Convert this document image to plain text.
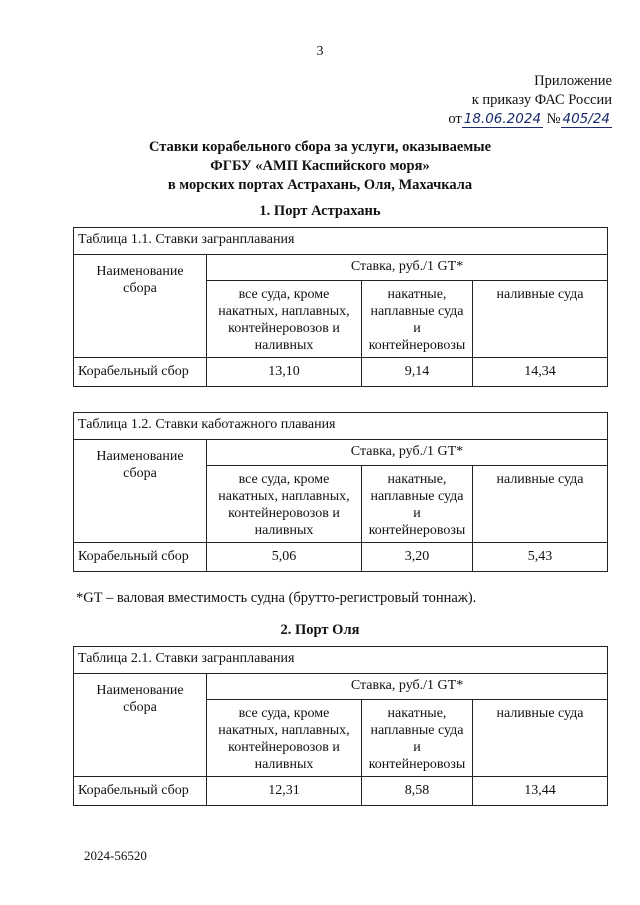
3
Приложение
к приказу ФАС России
от 18.06.2024 № 405/24
Ставки корабельного сбора за услуги, оказываемые
ФГБУ «АМП Каспийского моря»
в морских портах Астрахань, Оля, Махачкала
1. Порт Астрахань
Таблица 1.1. Ставки загранплавания			
Наименование сбора	Ставка, руб./1 GT*		
	все суда, кроме накатных, наплавных, контейнеровозов и наливных	накатные, наплавные суда и контейнеровозы	наливные суда
Корабельный сбор	13,10	9,14	14,34
Таблица 1.2. Ставки каботажного плавания			
Наименование сбора	Ставка, руб./1 GT*		
	все суда, кроме накатных, наплавных, контейнеровозов и наливных	накатные, наплавные суда и контейнеровозы	наливные суда
Корабельный сбор	5,06	3,20	5,43
*GT – валовая вместимость судна (брутто-регистровый тоннаж).
2. Порт Оля
Таблица 2.1. Ставки загранплавания			
Наименование сбора	Ставка, руб./1 GT*		
	все суда, кроме накатных, наплавных, контейнеровозов и наливных	накатные, наплавные суда и контейнеровозы	наливные суда
Корабельный сбор	12,31	8,58	13,44
2024-56520
